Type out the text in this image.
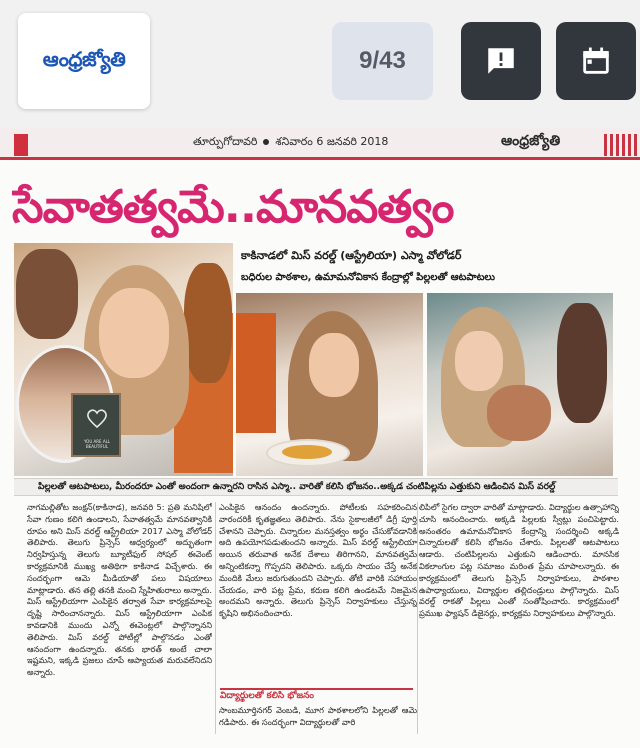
ఆంధ్రజ్యోతి	9/43
తూర్పుగోదావరి శనివారం 6 జనవరి 2018	ఆంధ్రజ్యోతి
సేవాతత్వమే..మానవత్వం
YOU ARE ALL BEAUTIFUL
కాకినాడలో మిస్ వరల్డ్ (ఆస్ట్రేలియా) ఎస్మా వోలోడర్
బధిరుల పాఠశాల, ఉమామనోవికాస కేంద్రాల్లో పిల్లలతో ఆటపాటలు
పిల్లలతో ఆటపాటలు, మీరందరూ ఎంతో అందంగా ఉన్నారని రాసిన ఎస్మా.. వారితో కలిసి భోజనం..అక్కడ చంటిపిల్లను ఎత్తుకుని ఆడించిన మిస్ వరల్డ్
నాగమల్లితోట జంక్షన్(కాకినాడ), జనవరి 5: ప్రతి మనిషిలో సేవా గుణం కలిగి ఉండాలని, సేవాతత్వమే మానవత్వానికి రూపం అని మిస్ వరల్డ్ ఆస్ట్రేలియా 2017 ఎస్మా వోలోడర్ తెలిపారు. తెలుగు ప్రిన్సెస్ ఆధ్వర్యంలో అద్భుతంగా నిర్వహిస్తున్న తెలుగు బ్యూటీఫుల్ సోషల్ ఈవెంట్ కార్యక్రమానికి ముఖ్య అతిథిగా కాకినాడ విచ్చేశారు. ఈ సందర్భంగా ఆమె మీడియాతో పలు విషయాలు మాట్లాడారు. తన తల్లి తనకి మంచి స్నేహితురాలు అన్నారు. మిస్ ఆస్ట్రేలియాగా ఎంపికైన తర్వాత సేవా కార్యక్రమాలపై దృష్టి సారించానన్నారు. మిస్ ఆస్ట్రేలియాగా ఎంపిక కావడానికి ముందు ఎన్నో ఈవెంట్లలో పాల్గొన్నానని తెలిపారు. మిస్ వరల్డ్ పోటీల్లో పాల్గొనడం ఎంతో ఆనందంగా ఉందన్నారు. తనకు భారత్ అంటే చాలా ఇష్టమని, ఇక్కడి ప్రజలు చూపే ఆప్యాయత మరువలేనిదని అన్నారు.
ఎంపికైన ఆనందం ఉందన్నారు. పోటీలకు సహకరించిన వారందరికీ కృతజ్ఞతలు తెలిపారు. నేను సైకాలజీలో డిగ్రీ పూర్తి చేశానని చెప్పారు. చిన్నారుల మనస్తత్వం అర్థం చేసుకోవడానికి అది ఉపయోగపడుతుందని అన్నారు. మిస్ వరల్డ్ ఆస్ట్రేలియా అయిన తరువాత అనేక దేశాలు తిరిగానని, మానవత్వమే అన్నింటికన్నా గొప్పదని తెలిపారు. ఒక్కరు సాయం చేస్తే అనేక మందికి మేలు జరుగుతుందని చెప్పారు. తోటి వారికి సహాయం చేయడం, వారి పట్ల ప్రేమ, కరుణ కలిగి ఉండటమే నిజమైన అందమని అన్నారు. తెలుగు ప్రిన్సెస్ నిర్వాహకులు చేస్తున్న కృషిని అభినందించారు.
విద్యార్థులతో కలిసి భోజనం
సాంబమూర్తినగర్ వెంబడి, మూగ పాఠశాలలోని పిల్లలతో ఆమె గడిపారు. ఈ సందర్భంగా విద్యార్థులతో వారి
లిపిలో సైగల ద్వారా వారితో మాట్లాడారు. విద్యార్థుల ఉత్సాహాన్ని చూసి ఆనందించారు. అక్కడి పిల్లలకు స్వీట్లు పంచిపెట్టారు. అనంతరం ఉమామనోవికాస కేంద్రాన్ని సందర్శించి అక్కడి చిన్నారులతో కలిసి భోజనం చేశారు. పిల్లలతో ఆటపాటలు ఆడారు. చంటిపిల్లలను ఎత్తుకుని ఆడించారు. మానసిక వికలాంగుల పట్ల సమాజం మరింత ప్రేమ చూపాలన్నారు. ఈ కార్యక్రమంలో తెలుగు ప్రిన్సెస్ నిర్వాహకులు, పాఠశాల ఉపాధ్యాయులు, విద్యార్థుల తల్లిదండ్రులు పాల్గొన్నారు. మిస్ వరల్డ్ రాకతో పిల్లలు ఎంతో సంతోషించారు. కార్యక్రమంలో ప్రముఖ ఫ్యాషన్ డిజైనర్లు, కార్యక్రమ నిర్వాహకులు పాల్గొన్నారు.
